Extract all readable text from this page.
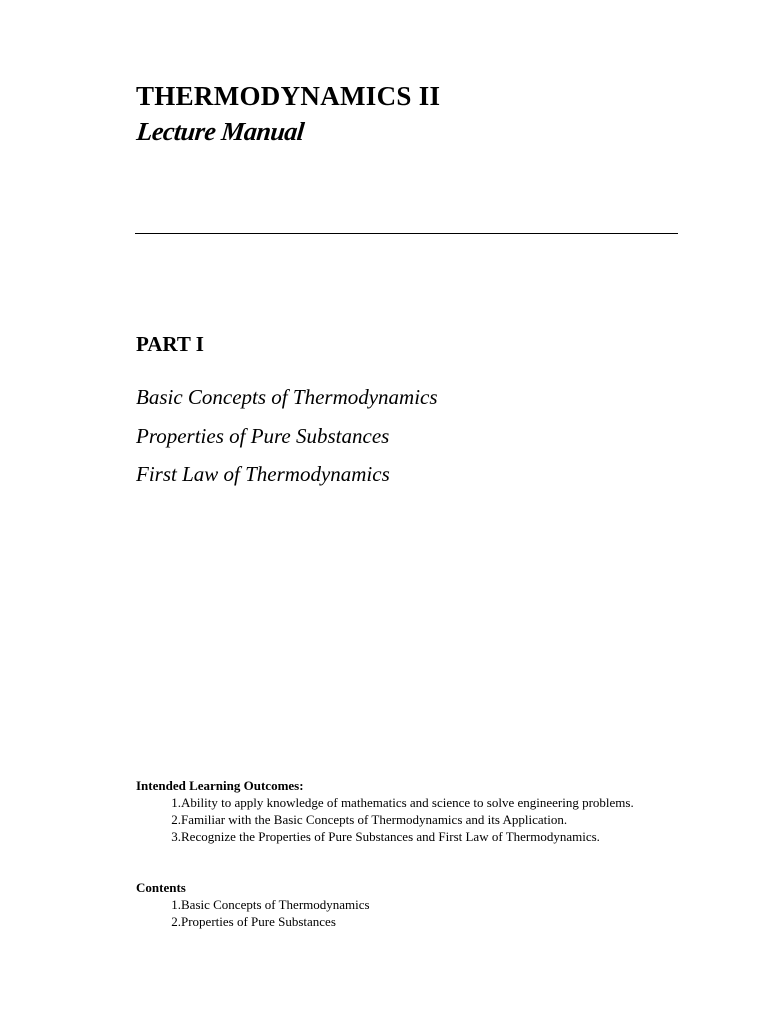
THERMODYNAMICS II
Lecture Manual
PART I
Basic Concepts of Thermodynamics
Properties of Pure Substances
First Law of Thermodynamics
Intended Learning Outcomes:
1. Ability to apply knowledge of mathematics and science to solve engineering problems.
2. Familiar with the Basic Concepts of Thermodynamics and its Application.
3. Recognize the Properties of Pure Substances and First Law of Thermodynamics.
Contents
1. Basic Concepts of Thermodynamics
2. Properties of Pure Substances
